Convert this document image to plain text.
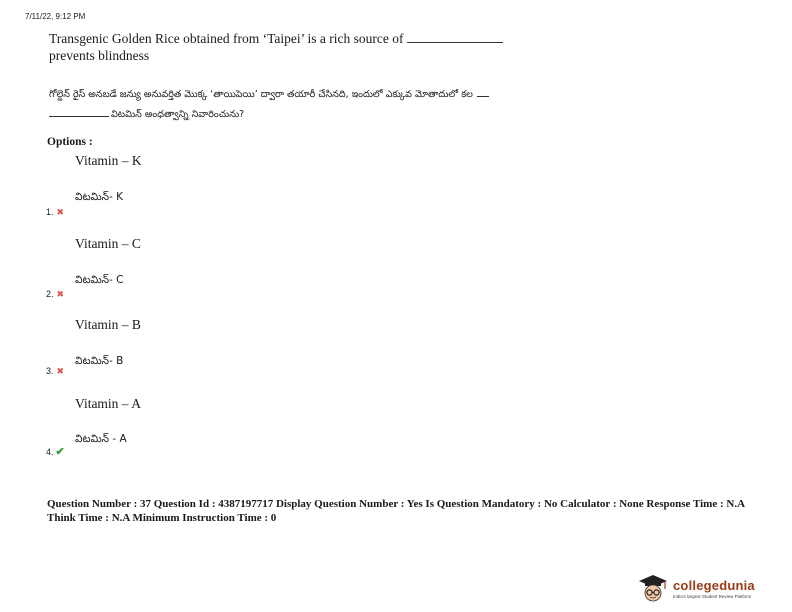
7/11/22, 9:12 PM
Transgenic Golden Rice obtained from ‘Taipei’ is a rich source of
prevents blindness
గోల్డెన్ రైస్ అనబడే జన్యు అనువర్తిత మొక్క ‘తాయిపెయి’ ద్వారా తయారీ చేసినది, ఇందులో ఎక్కువ మోతాదులో కల
విటమిన్ అంధత్వాన్ని నివారించును?
Options :
Vitamin – K
విటమిన్- K
1. ✖
Vitamin – C
విటమిన్- C
2. ✖
Vitamin – B
విటమిన్- B
3. ✖
Vitamin – A
విటమిన్ - A
4. ✔
Question Number : 37 Question Id : 4387197717 Display Question Number : Yes Is Question Mandatory : No Calculator : None Response Time : N.A Think Time : N.A Minimum Instruction Time : 0
collegedunia
India's largest Student Review Platform
